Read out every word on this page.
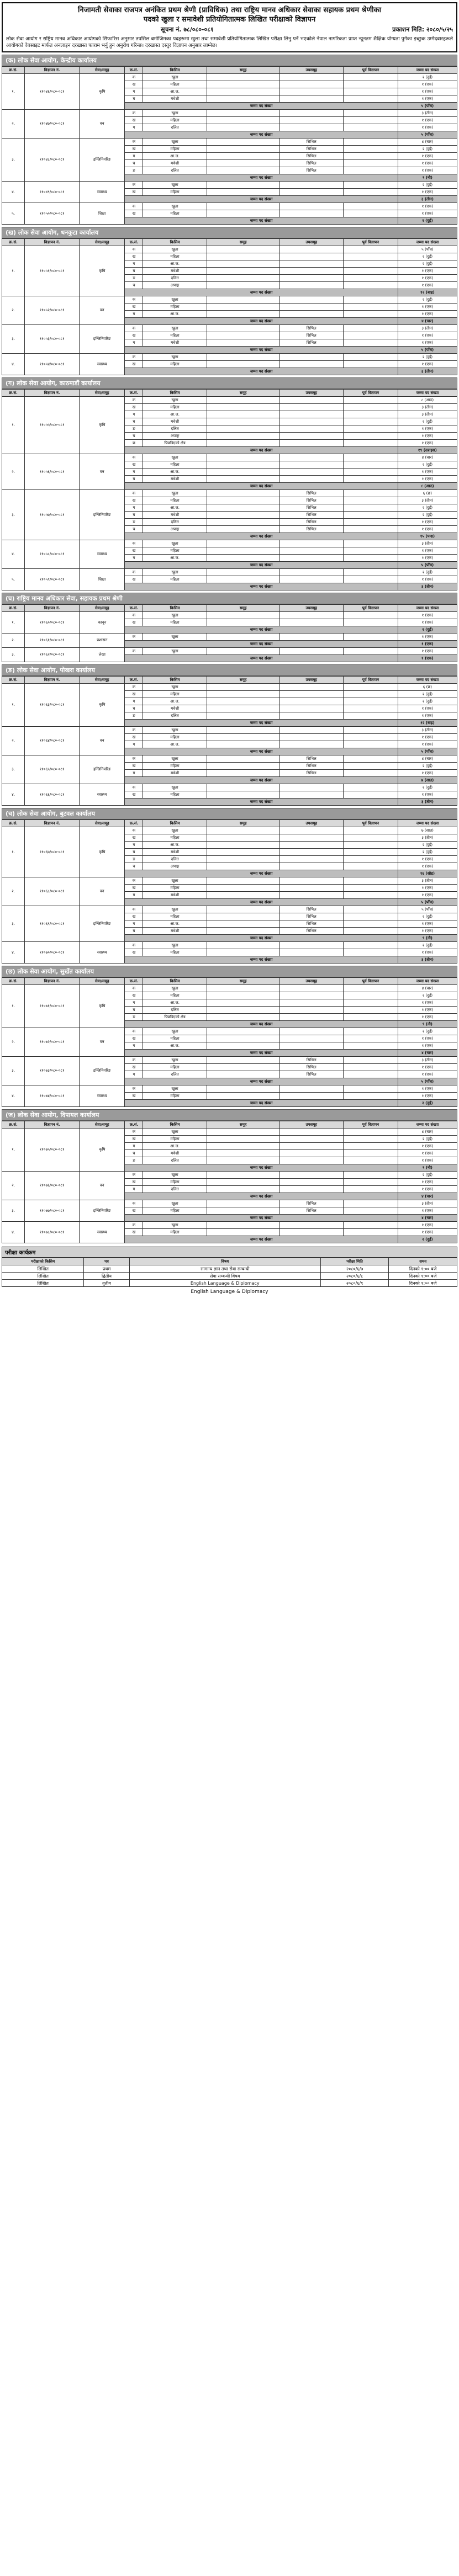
निजामती सेवाका राजपत्र अनंकित प्रथम श्रेणी (प्राविधिक) तथा राष्ट्रिय मानव अधिकार सेवाका सहायक प्रथम श्रेणीका
पदको खुला र समावेशी प्रतियोगितात्मक लिखित परीक्षाको विज्ञापन
सूचना नं. ७८/०८०-०८१	प्रकाशन मिति: २०८०/५/२५
लोक सेवा आयोग र राष्ट्रिय मानव अधिकार आयोगको सिफारिस अनुसार तपसिल बमोजिमका पदहरूमा खुला तथा समावेशी प्रतियोगितात्मक लिखित परीक्षा लिनु पर्ने भएकोले नेपाल नागरिकता प्राप्त न्यूनतम शैक्षिक योग्यता पुगेका इच्छुक उम्मेदवारहरूले आयोगको वेबसाइट मार्फत अनलाइन दरखास्त फाराम भर्नु हुन अनुरोध गरिन्छ। दरखास्त दस्तुर विज्ञापन अनुसार लाग्नेछ।
(क) लोक सेवा आयोग, केन्द्रीय कार्यालय
क्र.सं.	विज्ञापन नं.	सेवा/समूह	क्र.सं.	किसिम	समूह	उपसमूह	पूर्व विज्ञापन	जम्मा पद संख्या	
१.	११०४६/०८०-०८१	कृषि	क	खुला				२ (दुई)	
			ख	महिला				१ (एक)	
			ग	आ.ज.				१ (एक)	
			घ	मधेशी				१ (एक)	
			जम्मा पद संख्या					५ (पाँच)	
२.	११०४७/०८०-०८१	वन	क	खुला				३ (तीन)	
			ख	महिला				१ (एक)	
			ग	दलित				१ (एक)	
			जम्मा पद संख्या					५ (पाँच)	
३.	११०४८/०८०-०८१	इन्जिनियरिङ	क	खुला		सिभिल		४ (चार)	
			ख	महिला		सिभिल		२ (दुई)	
			ग	आ.ज.		सिभिल		१ (एक)	
			घ	मधेशी		सिभिल		१ (एक)	
			ङ	दलित		सिभिल		१ (एक)	
			जम्मा पद संख्या					९ (नौ)	
४.	११०४९/०८०-०८१	स्वास्थ्य	क	खुला				२ (दुई)	
			ख	महिला				१ (एक)	
			जम्मा पद संख्या					३ (तीन)	
५.	११०५०/०८०-०८१	शिक्षा	क	खुला				१ (एक)	
			ख	महिला				१ (एक)	
			जम्मा पद संख्या					२ (दुई)	
(ख) लोक सेवा आयोग, धनकुटा कार्यालय
क्र.सं.	विज्ञापन नं.	सेवा/समूह	क्र.सं.	किसिम	समूह	उपसमूह	पूर्व विज्ञापन	जम्मा पद संख्या	
१.	११०५१/०८०-०८१	कृषि	क	खुला				५ (पाँच)	
			ख	महिला				२ (दुई)	
			ग	आ.ज.				२ (दुई)	
			घ	मधेशी				१ (एक)	
			ङ	दलित				१ (एक)	
			च	अपाङ्ग				१ (एक)	
			जम्मा पद संख्या					१२ (बाह्र)	
२.	११०५२/०८०-०८१	वन	क	खुला				२ (दुई)	
			ख	महिला				१ (एक)	
			ग	आ.ज.				१ (एक)	
			जम्मा पद संख्या					४ (चार)	
३.	११०५३/०८०-०८१	इन्जिनियरिङ	क	खुला		सिभिल		३ (तीन)	
			ख	महिला		सिभिल		१ (एक)	
			ग	मधेशी		सिभिल		१ (एक)	
			जम्मा पद संख्या					५ (पाँच)	
४.	११०५४/०८०-०८१	स्वास्थ्य	क	खुला				२ (दुई)	
			ख	महिला				१ (एक)	
			जम्मा पद संख्या					३ (तीन)	
(ग) लोक सेवा आयोग, काठमाडौं कार्यालय
क्र.सं.	विज्ञापन नं.	सेवा/समूह	क्र.सं.	किसिम	समूह	उपसमूह	पूर्व विज्ञापन	जम्मा पद संख्या	
१.	११०५५/०८०-०८१	कृषि	क	खुला				८ (आठ)	
			ख	महिला				३ (तीन)	
			ग	आ.ज.				३ (तीन)	
			घ	मधेशी				२ (दुई)	
			ङ	दलित				१ (एक)	
			च	अपाङ्ग				१ (एक)	
			छ	पिछडिएको क्षेत्र				१ (एक)	
			जम्मा पद संख्या					१९ (उन्नाइस)	
२.	११०५६/०८०-०८१	वन	क	खुला				४ (चार)	
			ख	महिला				२ (दुई)	
			ग	आ.ज.				१ (एक)	
			घ	मधेशी				१ (एक)	
			जम्मा पद संख्या					८ (आठ)	
३.	११०५७/०८०-०८१	इन्जिनियरिङ	क	खुला		सिभिल		६ (छ)	
			ख	महिला		सिभिल		३ (तीन)	
			ग	आ.ज.		सिभिल		२ (दुई)	
			घ	मधेशी		सिभिल		२ (दुई)	
			ङ	दलित		सिभिल		१ (एक)	
			च	अपाङ्ग		सिभिल		१ (एक)	
			जम्मा पद संख्या					१५ (पन्ध्र)	
४.	११०५८/०८०-०८१	स्वास्थ्य	क	खुला				३ (तीन)	
			ख	महिला				१ (एक)	
			ग	आ.ज.				१ (एक)	
			जम्मा पद संख्या					५ (पाँच)	
५.	११०५९/०८०-०८१	शिक्षा	क	खुला				२ (दुई)	
			ख	महिला				१ (एक)	
			जम्मा पद संख्या					३ (तीन)	
(घ) राष्ट्रिय मानव अधिकार सेवा, सहायक प्रथम श्रेणी
क्र.सं.	विज्ञापन नं.	सेवा/समूह	क्र.सं.	किसिम	समूह	उपसमूह	पूर्व विज्ञापन	जम्मा पद संख्या	
१.	११०६०/०८०-०८१	कानून	क	खुला				१ (एक)	
			ख	महिला				१ (एक)	
			जम्मा पद संख्या					२ (दुई)	
२.	११०६१/०८०-०८१	प्रशासन	क	खुला				१ (एक)	
			जम्मा पद संख्या					१ (एक)	
३.	११०६२/०८०-०८१	लेखा	क	खुला				१ (एक)	
			जम्मा पद संख्या					१ (एक)	
(ङ) लोक सेवा आयोग, पोखरा कार्यालय
क्र.सं.	विज्ञापन नं.	सेवा/समूह	क्र.सं.	किसिम	समूह	उपसमूह	पूर्व विज्ञापन	जम्मा पद संख्या	
१.	११०६३/०८०-०८१	कृषि	क	खुला				६ (छ)	
			ख	महिला				२ (दुई)	
			ग	आ.ज.				२ (दुई)	
			घ	मधेशी				१ (एक)	
			ङ	दलित				१ (एक)	
			जम्मा पद संख्या					१२ (बाह्र)	
२.	११०६४/०८०-०८१	वन	क	खुला				३ (तीन)	
			ख	महिला				१ (एक)	
			ग	आ.ज.				१ (एक)	
			जम्मा पद संख्या					५ (पाँच)	
३.	११०६५/०८०-०८१	इन्जिनियरिङ	क	खुला		सिभिल		४ (चार)	
			ख	महिला		सिभिल		२ (दुई)	
			ग	मधेशी		सिभिल		१ (एक)	
			जम्मा पद संख्या					७ (सात)	
४.	११०६६/०८०-०८१	स्वास्थ्य	क	खुला				२ (दुई)	
			ख	महिला				१ (एक)	
			जम्मा पद संख्या					३ (तीन)	
(च) लोक सेवा आयोग, बुटवल कार्यालय
क्र.सं.	विज्ञापन नं.	सेवा/समूह	क्र.सं.	किसिम	समूह	उपसमूह	पूर्व विज्ञापन	जम्मा पद संख्या	
१.	११०६७/०८०-०८१	कृषि	क	खुला				७ (सात)	
			ख	महिला				३ (तीन)	
			ग	आ.ज.				२ (दुई)	
			घ	मधेशी				२ (दुई)	
			ङ	दलित				१ (एक)	
			च	अपाङ्ग				१ (एक)	
			जम्मा पद संख्या					१६ (सोह्र)	
२.	११०६८/०८०-०८१	वन	क	खुला				३ (तीन)	
			ख	महिला				१ (एक)	
			ग	मधेशी				१ (एक)	
			जम्मा पद संख्या					५ (पाँच)	
३.	११०६९/०८०-०८१	इन्जिनियरिङ	क	खुला		सिभिल		५ (पाँच)	
			ख	महिला		सिभिल		२ (दुई)	
			ग	आ.ज.		सिभिल		१ (एक)	
			घ	मधेशी		सिभिल		१ (एक)	
			जम्मा पद संख्या					९ (नौ)	
४.	११०७०/०८०-०८१	स्वास्थ्य	क	खुला				२ (दुई)	
			ख	महिला				१ (एक)	
			जम्मा पद संख्या					३ (तीन)	
(छ) लोक सेवा आयोग, सुर्खेत कार्यालय
क्र.सं.	विज्ञापन नं.	सेवा/समूह	क्र.सं.	किसिम	समूह	उपसमूह	पूर्व विज्ञापन	जम्मा पद संख्या	
१.	११०७१/०८०-०८१	कृषि	क	खुला				४ (चार)	
			ख	महिला				२ (दुई)	
			ग	आ.ज.				१ (एक)	
			घ	दलित				१ (एक)	
			ङ	पिछडिएको क्षेत्र				१ (एक)	
			जम्मा पद संख्या					९ (नौ)	
२.	११०७२/०८०-०८१	वन	क	खुला				२ (दुई)	
			ख	महिला				१ (एक)	
			ग	आ.ज.				१ (एक)	
			जम्मा पद संख्या					४ (चार)	
३.	११०७३/०८०-०८१	इन्जिनियरिङ	क	खुला		सिभिल		३ (तीन)	
			ख	महिला		सिभिल		१ (एक)	
			ग	दलित		सिभिल		१ (एक)	
			जम्मा पद संख्या					५ (पाँच)	
४.	११०७४/०८०-०८१	स्वास्थ्य	क	खुला				१ (एक)	
			ख	महिला				१ (एक)	
			जम्मा पद संख्या					२ (दुई)	
(ज) लोक सेवा आयोग, दिपायल कार्यालय
क्र.सं.	विज्ञापन नं.	सेवा/समूह	क्र.सं.	किसिम	समूह	उपसमूह	पूर्व विज्ञापन	जम्मा पद संख्या	
१.	११०७५/०८०-०८१	कृषि	क	खुला				४ (चार)	
			ख	महिला				२ (दुई)	
			ग	आ.ज.				१ (एक)	
			घ	मधेशी				१ (एक)	
			ङ	दलित				१ (एक)	
			जम्मा पद संख्या					९ (नौ)	
२.	११०७६/०८०-०८१	वन	क	खुला				२ (दुई)	
			ख	महिला				१ (एक)	
			ग	दलित				१ (एक)	
			जम्मा पद संख्या					४ (चार)	
३.	११०७७/०८०-०८१	इन्जिनियरिङ	क	खुला		सिभिल		३ (तीन)	
			ख	महिला		सिभिल		१ (एक)	
			जम्मा पद संख्या					४ (चार)	
४.	११०७८/०८०-०८१	स्वास्थ्य	क	खुला				१ (एक)	
			ख	महिला				१ (एक)	
			जम्मा पद संख्या					२ (दुई)	
परीक्षा कार्यक्रम
परीक्षाको किसिम	पत्र	विषय	परीक्षा मिति	समय
लिखित	प्रथम	सामान्य ज्ञान तथा सेवा सम्बन्धी	२०८०/६/७	दिनको १:०० बजे
लिखित	द्वितीय	सेवा सम्बन्धी विषय	२०८०/६/८	दिनको १:०० बजे
लिखित	तृतीय	English Language & Diplomacy	२०८०/६/९	दिनको १:०० बजे
English Language & Diplomacy
